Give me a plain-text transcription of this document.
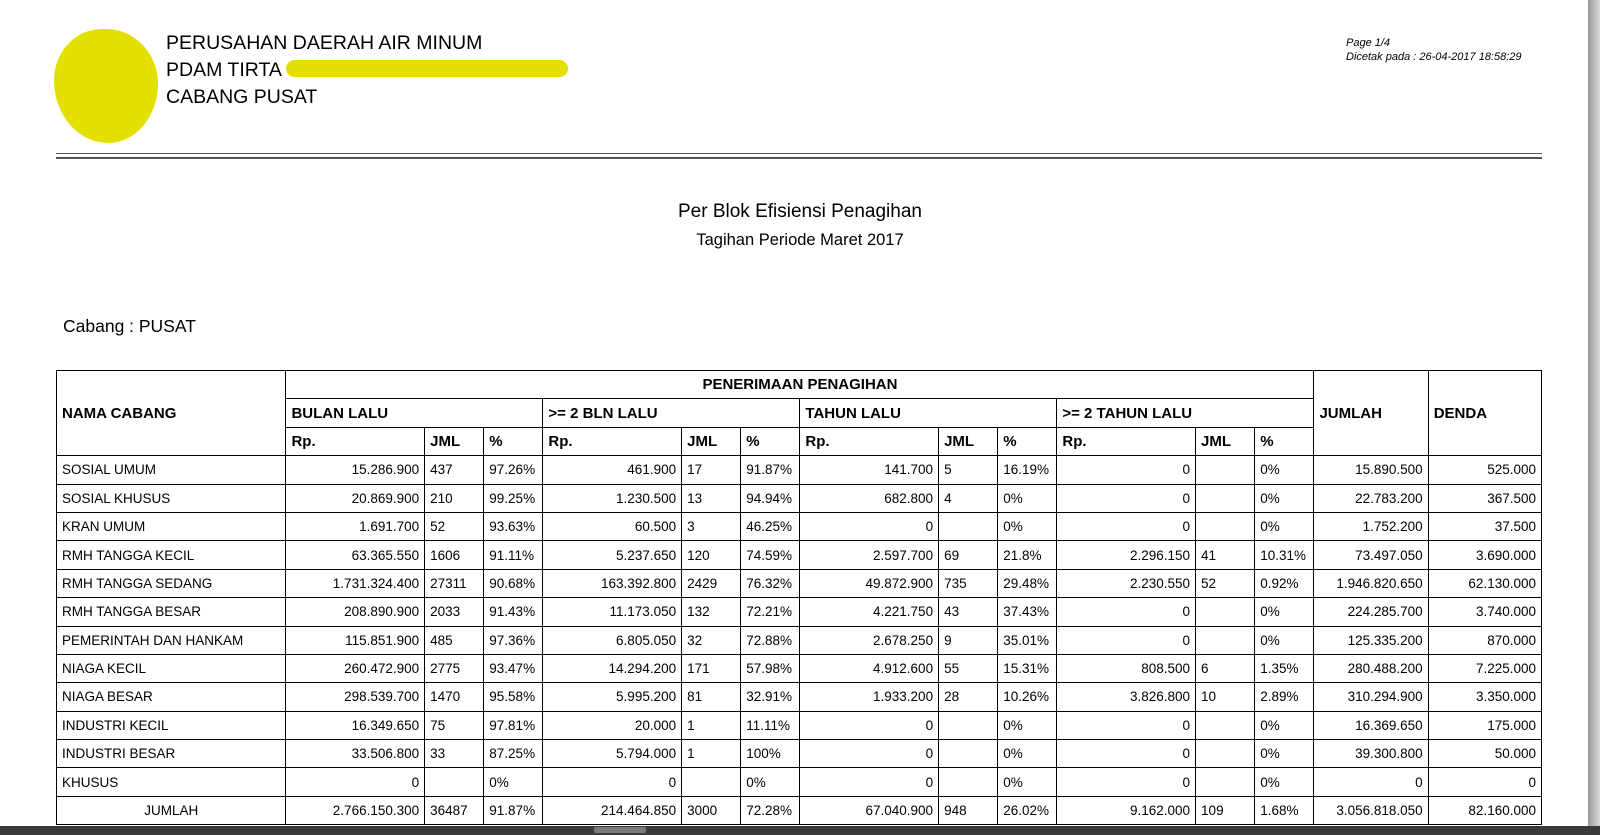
PERUSAHAN DAERAH AIR MINUM
PDAM TIRTA
CABANG PUSAT
Page 1/4
Dicetak pada : 26-04-2017 18:58:29
Per Blok Efisiensi Penagihan
Tagihan Periode Maret 2017
Cabang : PUSAT
NAMA CABANG	PENERIMAAN PENAGIHAN												JUMLAH	DENDA
	BULAN LALU			>= 2 BLN LALU			TAHUN LALU			>= 2 TAHUN LALU				
	Rp.	JML	%	Rp.	JML	%	Rp.	JML	%	Rp.	JML	%		
SOSIAL UMUM	15.286.900	437	97.26%	461.900	17	91.87%	141.700	5	16.19%	0		0%	15.890.500	525.000
SOSIAL KHUSUS	20.869.900	210	99.25%	1.230.500	13	94.94%	682.800	4	0%	0		0%	22.783.200	367.500
KRAN UMUM	1.691.700	52	93.63%	60.500	3	46.25%	0		0%	0		0%	1.752.200	37.500
RMH TANGGA KECIL	63.365.550	1606	91.11%	5.237.650	120	74.59%	2.597.700	69	21.8%	2.296.150	41	10.31%	73.497.050	3.690.000
RMH TANGGA SEDANG	1.731.324.400	27311	90.68%	163.392.800	2429	76.32%	49.872.900	735	29.48%	2.230.550	52	0.92%	1.946.820.650	62.130.000
RMH TANGGA BESAR	208.890.900	2033	91.43%	11.173.050	132	72.21%	4.221.750	43	37.43%	0		0%	224.285.700	3.740.000
PEMERINTAH DAN HANKAM	115.851.900	485	97.36%	6.805.050	32	72.88%	2.678.250	9	35.01%	0		0%	125.335.200	870.000
NIAGA KECIL	260.472.900	2775	93.47%	14.294.200	171	57.98%	4.912.600	55	15.31%	808.500	6	1.35%	280.488.200	7.225.000
NIAGA BESAR	298.539.700	1470	95.58%	5.995.200	81	32.91%	1.933.200	28	10.26%	3.826.800	10	2.89%	310.294.900	3.350.000
INDUSTRI KECIL	16.349.650	75	97.81%	20.000	1	11.11%	0		0%	0		0%	16.369.650	175.000
INDUSTRI BESAR	33.506.800	33	87.25%	5.794.000	1	100%	0		0%	0		0%	39.300.800	50.000
KHUSUS	0		0%	0		0%	0		0%	0		0%	0	0
JUMLAH	2.766.150.300	36487	91.87%	214.464.850	3000	72.28%	67.040.900	948	26.02%	9.162.000	109	1.68%	3.056.818.050	82.160.000
